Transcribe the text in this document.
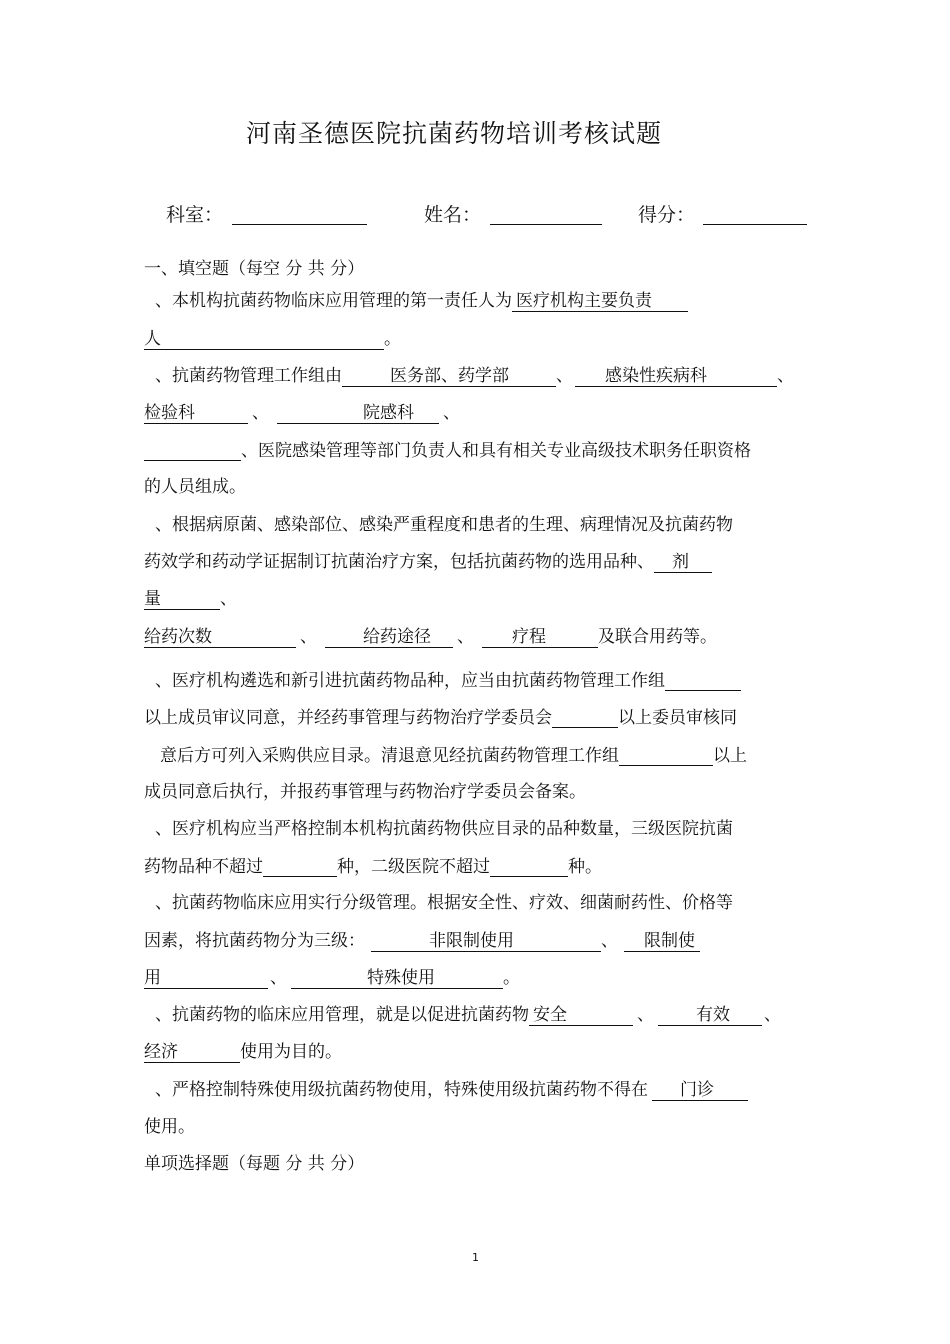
河南圣德医院抗菌药物培训考核试题
科室：	姓名：	得分：
一、填空题（每空 分 共 分）
、本机构抗菌药物临床应用管理的第一责任人为 医疗机构主要负责
人	。
、抗菌药物管理工作组由	医务部、药学部	、 感染性疾病科	、
检验科	、	院感科 、
、医院感染管理等部门负责人和具有相关专业高级技术职务任职资格
的人员组成。
、根据病原菌、感染部位、感染严重程度和患者的生理、病理情况及抗菌药物
药效学和药动学证据制订抗菌治疗方案，包括抗菌药物的选用品种、 剂
量	、
给药次数	、	给药途径 、 疗程	及联合用药等。
、医疗机构遴选和新引进抗菌药物品种，应当由抗菌药物管理工作组
以上成员审议同意，并经药事管理与药物治疗学委员会	以上委员审核同
意后方可列入采购供应目录。清退意见经抗菌药物管理工作组	以上
成员同意后执行，并报药事管理与药物治疗学委员会备案。
、医疗机构应当严格控制本机构抗菌药物供应目录的品种数量，三级医院抗菌
药物品种不超过	种，二级医院不超过	种。
、抗菌药物临床应用实行分级管理。根据安全性、疗效、细菌耐药性、价格等
因素，将抗菌药物分为三级：	非限制使用	、 限制使
用	、	特殊使用	。
、抗菌药物的临床应用管理，就是以促进抗菌药物 安全	、 有效 、
经济	使用为目的。
、严格控制特殊使用级抗菌药物使用，特殊使用级抗菌药物不得在 门诊
使用。
单项选择题（每题 分 共 分）
1
